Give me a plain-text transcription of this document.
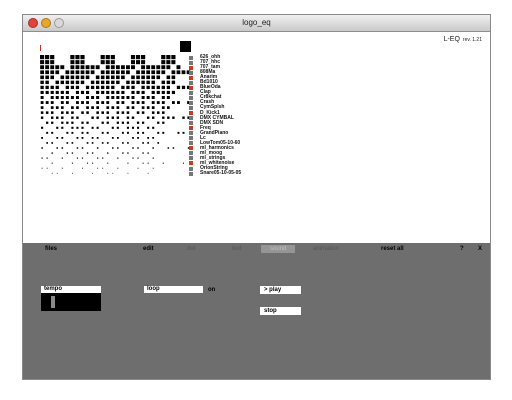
logo_eq
L-EQ rev. 1.21
626_ohh
707_hhc
707_tam
808Ma
Anarim
Bd1010
BlueOda
Clap
Cr8kchat
Crash
CymSplsh
D_Kick1
DMX CYMBAL
DMX SDN
Freq
GrandPiano
Lc
LowTom05-10-60
ml_harmonics
ml_moog
ml_strings
ml_whitenoise
OrionString
Snare05-10-05-05
files	edit	dot	text	sound	animation	reset all	? X
tempo	loop	on	> play
stop
